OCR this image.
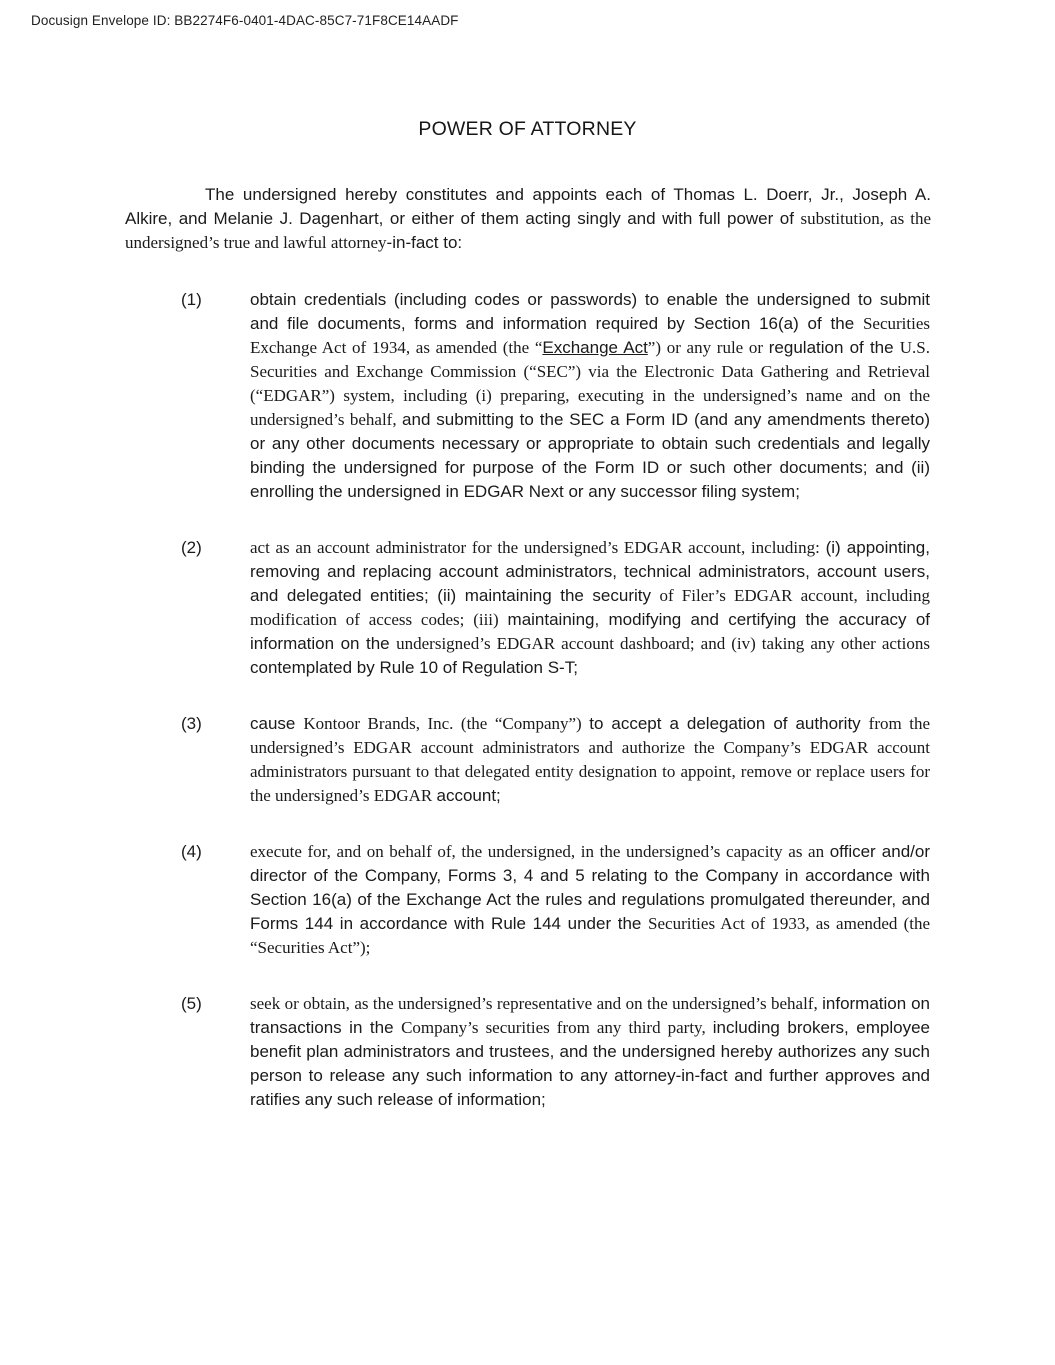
Docusign Envelope ID: BB2274F6-0401-4DAC-85C7-71F8CE14AADF
POWER OF ATTORNEY
The undersigned hereby constitutes and appoints each of Thomas L. Doerr, Jr., Joseph A. Alkire, and Melanie J. Dagenhart, or either of them acting singly and with full power of substitution, as the undersigned’s true and lawful attorney-in-fact to:
(1)	obtain credentials (including codes or passwords) to enable the undersigned to submit and file documents, forms and information required by Section 16(a) of the Securities Exchange Act of 1934, as amended (the “Exchange Act”) or any rule or regulation of the U.S. Securities and Exchange Commission (“SEC”) via the Electronic Data Gathering and Retrieval (“EDGAR”) system, including (i) preparing, executing in the undersigned’s name and on the undersigned’s behalf, and submitting to the SEC a Form ID (and any amendments thereto) or any other documents necessary or appropriate to obtain such credentials and legally binding the undersigned for purpose of the Form ID or such other documents; and (ii) enrolling the undersigned in EDGAR Next or any successor filing system;
(2)	act as an account administrator for the undersigned’s EDGAR account, including: (i) appointing, removing and replacing account administrators, technical administrators, account users, and delegated entities; (ii) maintaining the security of Filer’s EDGAR account, including modification of access codes; (iii) maintaining, modifying and certifying the accuracy of information on the undersigned’s EDGAR account dashboard; and (iv) taking any other actions contemplated by Rule 10 of Regulation S-T;
(3)	cause Kontoor Brands, Inc. (the “Company”) to accept a delegation of authority from the undersigned’s EDGAR account administrators and authorize the Company’s EDGAR account administrators pursuant to that delegated entity designation to appoint, remove or replace users for the undersigned’s EDGAR account;
(4)	execute for, and on behalf of, the undersigned, in the undersigned’s capacity as an officer and/or director of the Company, Forms 3, 4 and 5 relating to the Company in accordance with Section 16(a) of the Exchange Act the rules and regulations promulgated thereunder, and Forms 144 in accordance with Rule 144 under the Securities Act of 1933, as amended (the “Securities Act”);
(5)	seek or obtain, as the undersigned’s representative and on the undersigned’s behalf, information on transactions in the Company’s securities from any third party, including brokers, employee benefit plan administrators and trustees, and the undersigned hereby authorizes any such person to release any such information to any attorney-in-fact and further approves and ratifies any such release of information;
